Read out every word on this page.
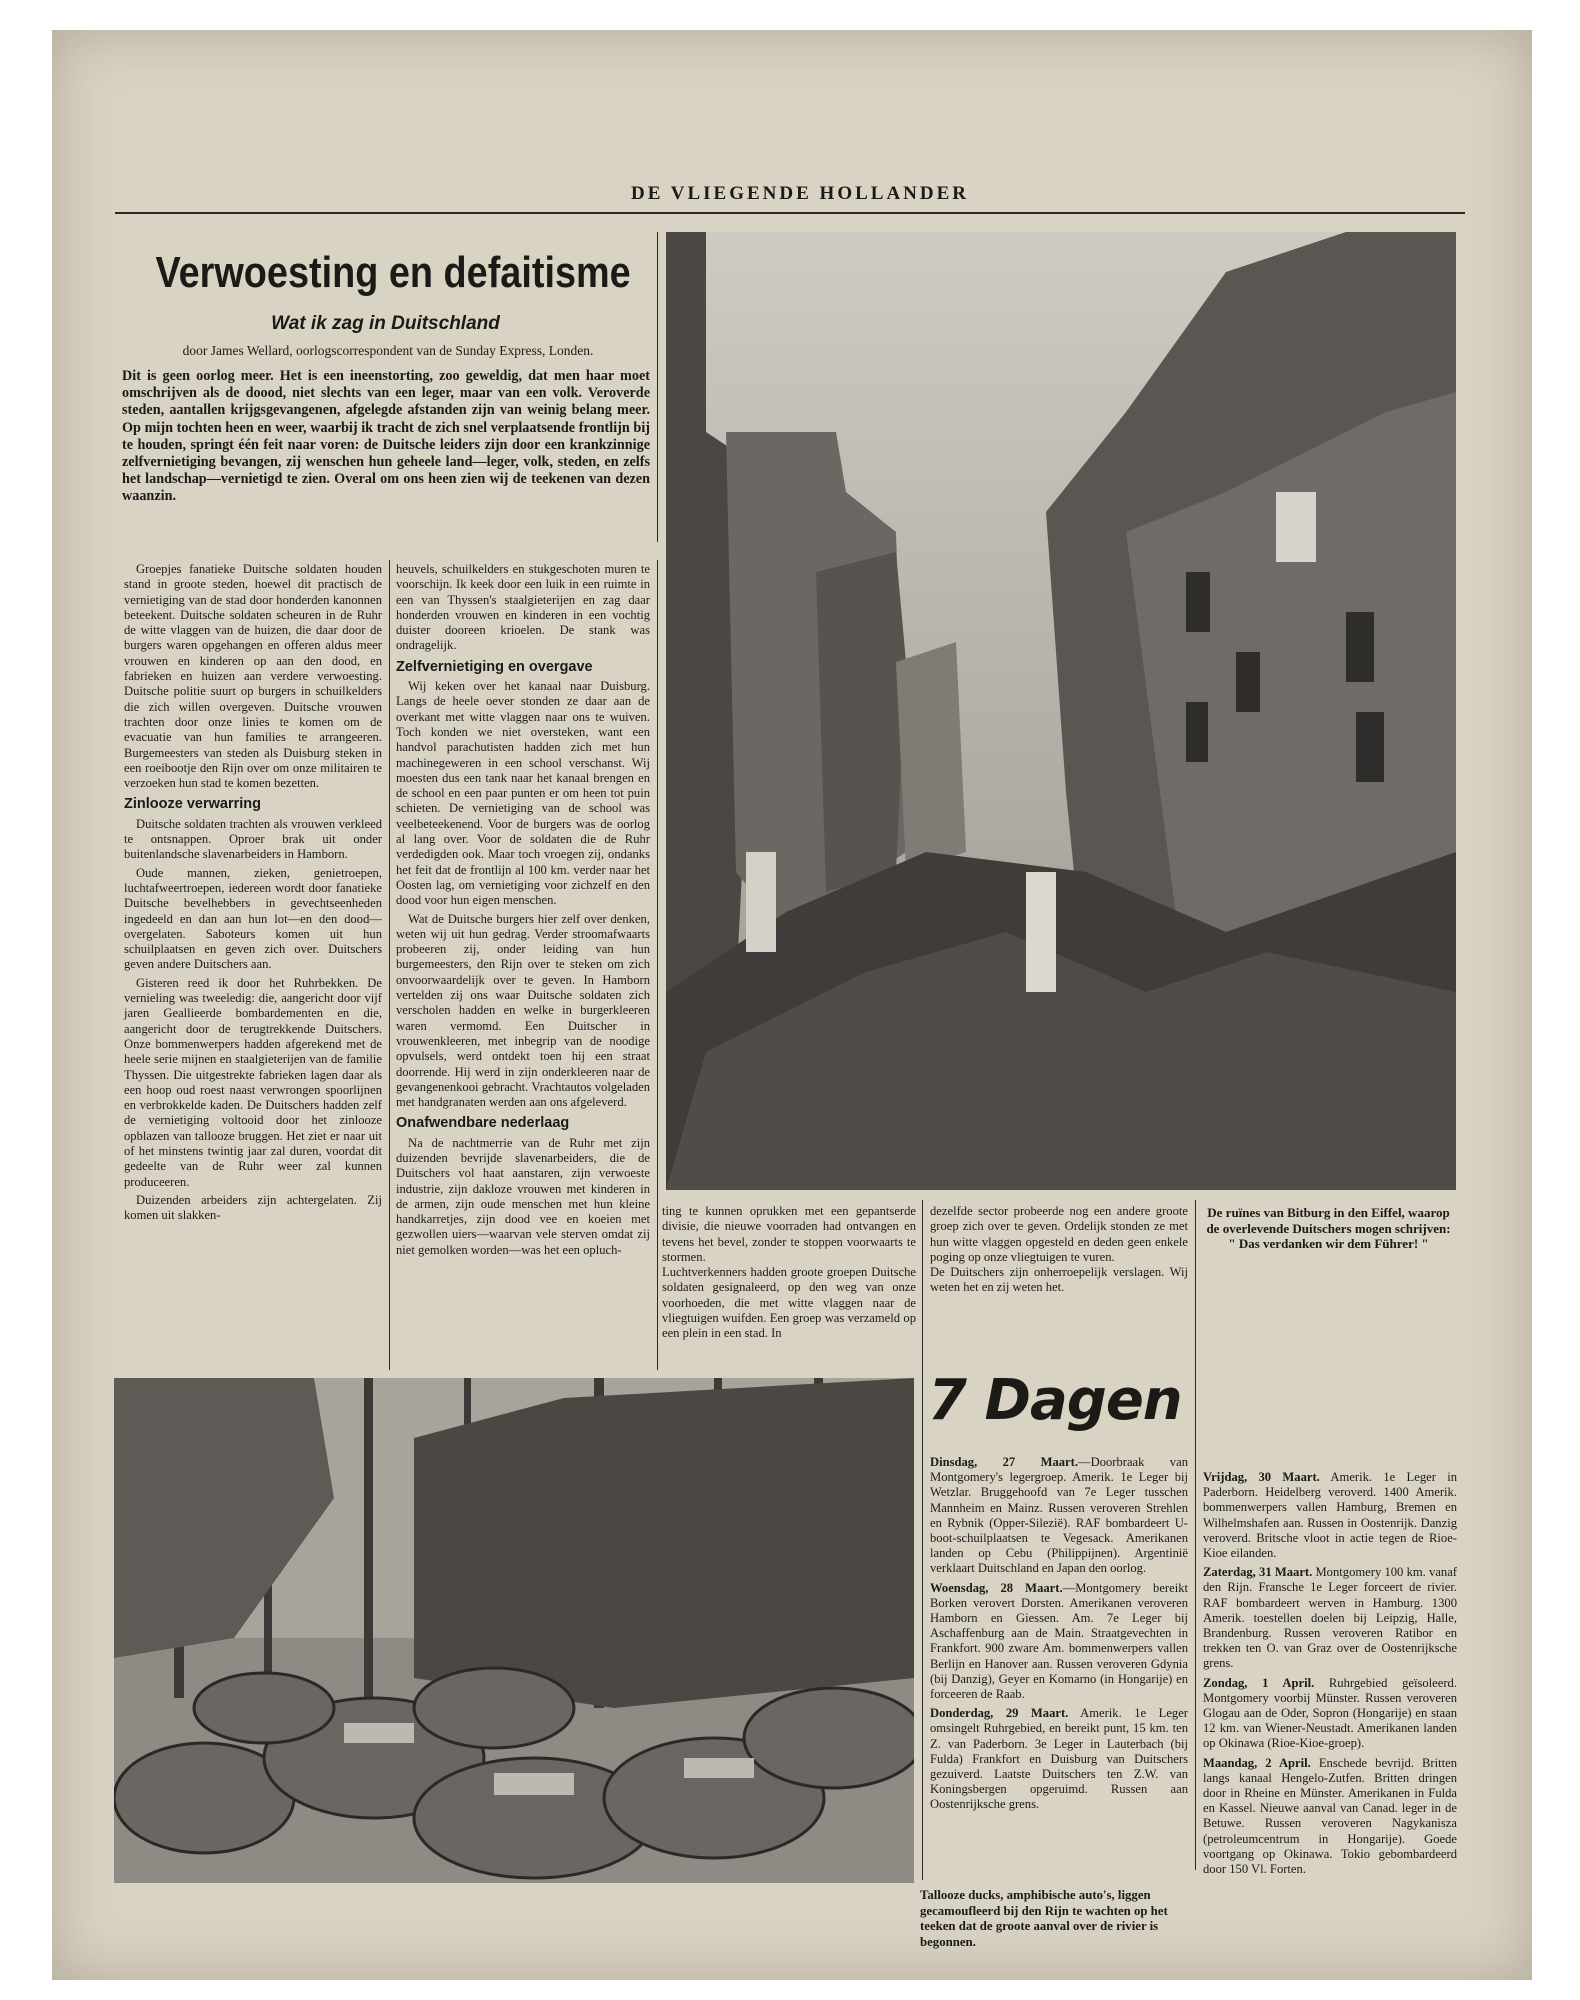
DE VLIEGENDE HOLLANDER
Verwoesting en defaitisme
Wat ik zag in Duitschland
door James Wellard, oorlogscorrespondent van de Sunday Express, Londen.
Dit is geen oorlog meer. Het is een ineenstorting, zoo geweldig, dat men haar moet omschrijven als de doood, niet slechts van een leger, maar van een volk. Veroverde steden, aantallen krijgsgevangenen, afgelegde afstanden zijn van weinig belang meer. Op mijn tochten heen en weer, waarbij ik tracht de zich snel verplaatsende frontlijn bij te houden, springt één feit naar voren: de Duitsche leiders zijn door een krankzinnige zelfvernietiging bevangen, zij wenschen hun geheele land—leger, volk, steden, en zelfs het landschap—vernietigd te zien. Overal om ons heen zien wij de teekenen van dezen waanzin.

Groepjes fanatieke Duitsche soldaten houden stand in groote steden, hoewel dit practisch de vernietiging van de stad door honderden kanonnen beteekent. Duitsche soldaten scheuren in de Ruhr de witte vlaggen van de huizen, die daar door de burgers waren opgehangen en offeren aldus meer vrouwen en kinderen op aan den dood, en fabrieken en huizen aan verdere verwoesting. Duitsche politie suurt op burgers in schuilkelders die zich willen overgeven. Duitsche vrouwen trachten door onze linies te komen om de evacuatie van hun families te arrangeeren. Burgemeesters van steden als Duisburg steken in een roeibootje den Rijn over om onze militairen te verzoeken hun stad te komen bezetten.

Zinlooze verwarring

Duitsche soldaten trachten als vrouwen verkleed te ontsnappen. Oproer brak uit onder buitenlandsche slavenarbeiders in Hamborn.

Oude mannen, zieken, genietroepen, luchtafweertroepen, iedereen wordt door fanatieke Duitsche bevelhebbers in gevechtseenheden ingedeeld en dan aan hun lot—en den dood—overgelaten. Saboteurs komen uit hun schuilplaatsen en geven zich over. Duitschers geven andere Duitschers aan.

Gisteren reed ik door het Ruhrbekken. De vernieling was tweeledig: die, aangericht door vijf jaren Geallieerde bombardementen en die, aangericht door de terugtrekkende Duitschers. Onze bommenwerpers hadden afgerekend met de heele serie mijnen en staalgieterijen van de familie Thyssen. Die uitgestrekte fabrieken lagen daar als een hoop oud roest naast verwrongen spoorlijnen en verbrokkelde kaden. De Duitschers hadden zelf de vernietiging voltooid door het zinlooze opblazen van tallooze bruggen. Het ziet er naar uit of het minstens twintig jaar zal duren, voordat dit gedeelte van de Ruhr weer zal kunnen produceeren.

Duizenden arbeiders zijn achtergelaten. Zij komen uit slakken-

heuvels, schuilkelders en stukgeschoten muren te voorschijn. Ik keek door een luik in een ruimte in een van Thyssen's staalgieterijen en zag daar honderden vrouwen en kinderen in een vochtig duister dooreen krioelen. De stank was ondragelijk.

Zelfvernietiging en overgave

Wij keken over het kanaal naar Duisburg. Langs de heele oever stonden ze daar aan de overkant met witte vlaggen naar ons te wuiven. Toch konden we niet oversteken, want een handvol parachutisten hadden zich met hun machinegeweren in een school verschanst. Wij moesten dus een tank naar het kanaal brengen en de school en een paar punten er om heen tot puin schieten. De vernietiging van de school was veelbeteekenend. Voor de burgers was de oorlog al lang over. Voor de soldaten die de Ruhr verdedigden ook. Maar toch vroegen zij, ondanks het feit dat de frontlijn al 100 km. verder naar het Oosten lag, om vernietiging voor zichzelf en den dood voor hun eigen menschen.

Wat de Duitsche burgers hier zelf over denken, weten wij uit hun gedrag. Verder stroomafwaarts probeeren zij, onder leiding van hun burgemeesters, den Rijn over te steken om zich onvoorwaardelijk over te geven. In Hamborn vertelden zij ons waar Duitsche soldaten zich verscholen hadden en welke in burgerkleeren waren vermomd. Een Duitscher in vrouwenkleeren, met inbegrip van de noodige opvulsels, werd ontdekt toen hij een straat doorrende. Hij werd in zijn onderkleeren naar de gevangenenkooi gebracht. Vrachtautos volgeladen met handgranaten werden aan ons afgeleverd.

Onafwendbare nederlaag

Na de nachtmerrie van de Ruhr met zijn duizenden bevrijde slavenarbeiders, die de Duitschers vol haat aanstaren, zijn verwoeste industrie, zijn dakloze vrouwen met kinderen in de armen, zijn oude menschen met hun kleine handkarretjes, zijn dood vee en koeien met gezwollen uiers—waarvan vele sterven omdat zij niet gemolken worden—was het een opluch-

De ruïnes van Bitburg in den Eiffel, waarop de overlevende Duitschers mogen schrijven: " Das verdanken wir dem Führer! "

ting te kunnen oprukken met een gepantserde divisie, die nieuwe voorraden had ontvangen en tevens het bevel, zonder te stoppen voorwaarts te stormen.
Luchtverkenners hadden groote groepen Duitsche soldaten gesignaleerd, op den weg van onze voorhoeden, die met witte vlaggen naar de vliegtuigen wuifden. Een groep was verzameld op een plein in een stad. In

dezelfde sector probeerde nog een andere groote groep zich over te geven. Ordelijk stonden ze met hun witte vlaggen opgesteld en deden geen enkele poging op onze vliegtuigen te vuren.
De Duitschers zijn onherroepelijk verslagen. Wij weten het en zij weten het.

Tallooze ducks, amphibische auto's, liggen gecamoufleerd bij den Rijn te wachten op het teeken dat de groote aanval over de rivier is begonnen.
7 Dagen

Dinsdag, 27 Maart.—Doorbraak van Montgomery's legergroep. Amerik. 1e Leger bij Wetzlar. Bruggehoofd van 7e Leger tusschen Mannheim en Mainz. Russen veroveren Strehlen en Rybnik (Opper-Silezië). RAF bombardeert U-boot-schuilplaatsen te Vegesack. Amerikanen landen op Cebu (Philippijnen). Argentinië verklaart Duitschland en Japan den oorlog.

Woensdag, 28 Maart.—Montgomery bereikt Borken verovert Dorsten. Amerikanen veroveren Hamborn en Giessen. Am. 7e Leger bij Aschaffenburg aan de Main. Straatgevechten in Frankfort. 900 zware Am. bommenwerpers vallen Berlijn en Hanover aan. Russen veroveren Gdynia (bij Danzig), Geyer en Komarno (in Hongarije) en forceeren de Raab.

Donderdag, 29 Maart. Amerik. 1e Leger omsingelt Ruhrgebied, en bereikt punt, 15 km. ten Z. van Paderborn. 3e Leger in Lauterbach (bij Fulda) Frankfort en Duisburg van Duitschers gezuiverd. Laatste Duitschers ten Z.W. van Koningsbergen opgeruimd. Russen aan Oostenrijksche grens.

Vrijdag, 30 Maart. Amerik. 1e Leger in Paderborn. Heidelberg veroverd. 1400 Amerik. bommenwerpers vallen Hamburg, Bremen en Wilhelmshafen aan. Russen in Oostenrijk. Danzig veroverd. Britsche vloot in actie tegen de Rioe-Kioe eilanden.

Zaterdag, 31 Maart. Montgomery 100 km. vanaf den Rijn. Fransche 1e Leger forceert de rivier. RAF bombardeert werven in Hamburg. 1300 Amerik. toestellen doelen bij Leipzig, Halle, Brandenburg. Russen veroveren Ratibor en trekken ten O. van Graz over de Oostenrijksche grens.

Zondag, 1 April. Ruhrgebied geïsoleerd. Montgomery voorbij Münster. Russen veroveren Glogau aan de Oder, Sopron (Hongarije) en staan 12 km. van Wiener-Neustadt. Amerikanen landen op Okinawa (Rioe-Kioe-groep).

Maandag, 2 April. Enschede bevrijd. Britten langs kanaal Hengelo-Zutfen. Britten dringen door in Rheine en Münster. Amerikanen in Fulda en Kassel. Nieuwe aanval van Canad. leger in de Betuwe. Russen veroveren Nagykanisza (petroleumcentrum in Hongarije). Goede voortgang op Okinawa. Tokio gebombardeerd door 150 Vl. Forten.
